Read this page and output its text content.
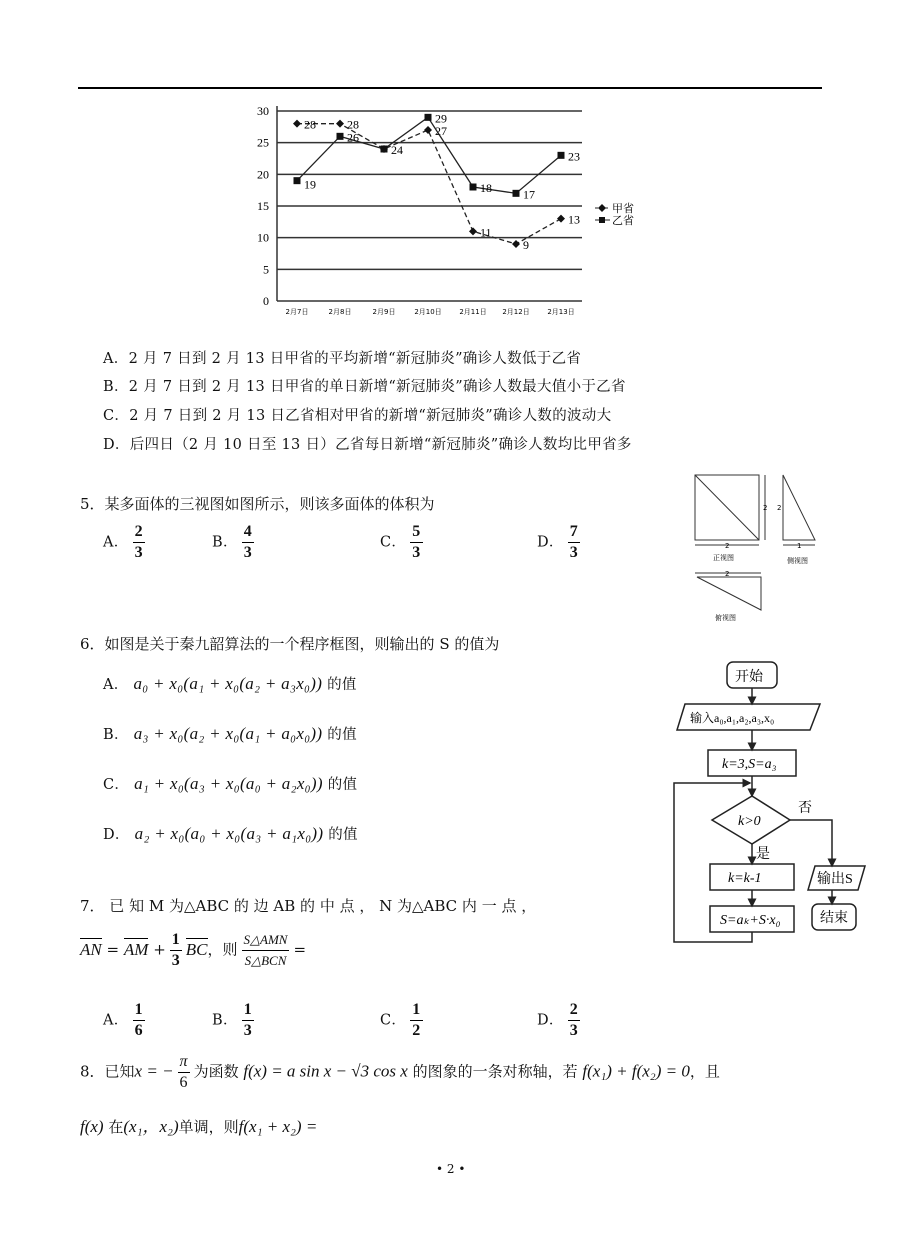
0
5
10
15
20
25
30
2月7日	2月8日	2月9日	2月10日	2月11日 2月12日	2月13日
28	28
24
27
11
9
13
19
26
29
18	17
23
甲省
乙省
A．2 月 7 日到 2 月 13 日甲省的平均新增“新冠肺炎”确诊人数低于乙省
B．2 月 7 日到 2 月 13 日甲省的单日新增“新冠肺炎”确诊人数最大值小于乙省
C．2 月 7 日到 2 月 13 日乙省相对甲省的新增“新冠肺炎”确诊人数的波动大
D．后四日（2 月 10 日至 13 日）乙省每日新增“新冠肺炎”确诊人数均比甲省多
5．某多面体的三视图如图所示，则该多面体的体积为
A． $\frac{2}{3}$	B． $\frac{4}{3}$	C． $\frac{5}{3}$	D． $\frac{7}{3}$
2
2
2
1
2
正视图	侧视图
俯视图
6．如图是关于秦九韶算法的一个程序框图，则输出的 S 的值为
A． a₀ + x₀(a₁ + x₀(a₂ + a₃x₀)) 的值
B． a₃ + x₀(a₂ + x₀(a₁ + a₀x₀)) 的值
C． a₁ + x₀(a₃ + x₀(a₀ + a₂x₀)) 的值
D． a₂ + x₀(a₀ + x₀(a₃ + a₁x₀)) 的值
开始
输入a₀,a₁,a₂,a₃,x₀
k=3,S=a₃
k>0
否
是
k=k-1
S=aₖ+S·x₀
输出S
结束
7． 已 知 M 为△ABC 的 边 AB 的 中 点 ， N 为△ABC 内 一 点 ，
AN = AM + $\frac{1}{3}$ BC，则 $\frac{\text{S△AMN}}{\text{S△BCN}}$ =
A． $\frac{1}{6}$	B． $\frac{1}{3}$	C． $\frac{1}{2}$	D． $\frac{2}{3}$
8．已知x = − $\frac{\pi}{6}$ 为函数 f(x) = a sin x − √3 cos x 的图象的一条对称轴，若 f(x₁) + f(x₂) = 0，且
f(x) 在(x₁，x₂)单调，则f(x₁ + x₂) =
• 2 •
